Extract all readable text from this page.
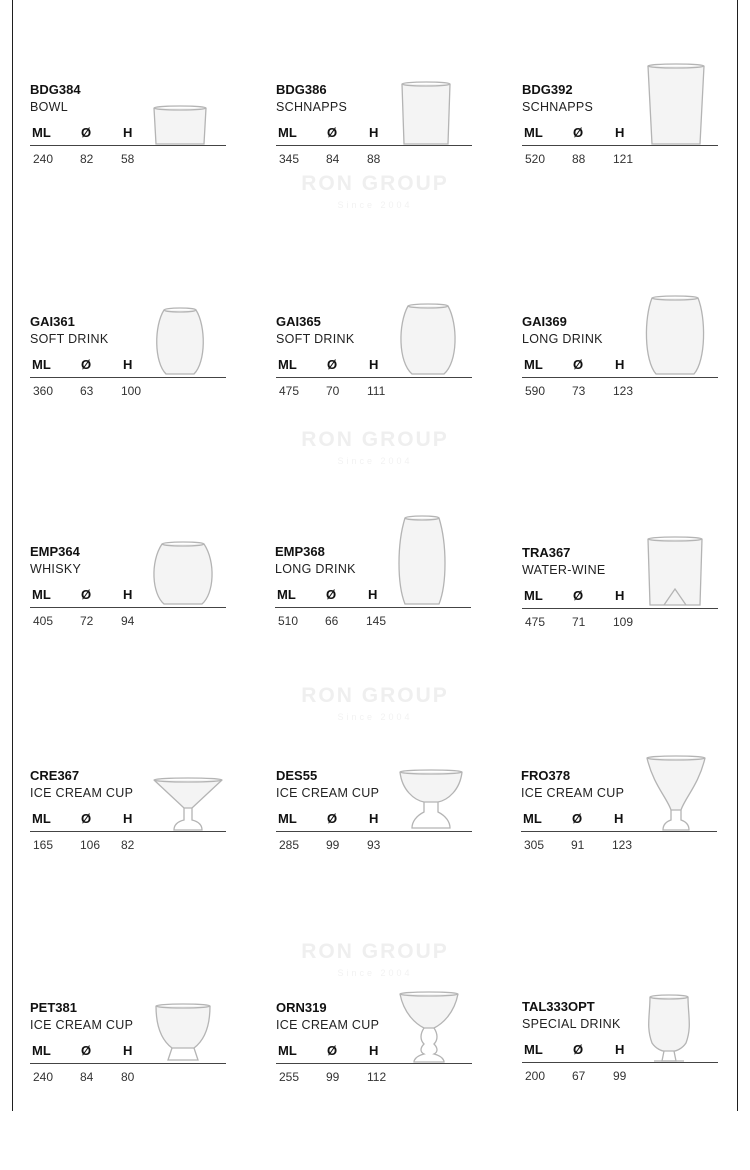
RON GROUP
Since 2004
RON GROUP
Since 2004
RON GROUP
Since 2004
RON GROUP
Since 2004
BDG384
BOWL
ML Ø H
240 82 58
BDG386
SCHNAPPS
ML Ø H
345 84 88
BDG392
SCHNAPPS
ML Ø H
520 88 121
GAI361
SOFT DRINK
ML Ø H
360 63 100
GAI365
SOFT DRINK
ML Ø H
475 70 111
GAI369
LONG DRINK
ML Ø H
590 73 123
EMP364
WHISKY
ML Ø H
405 72 94
EMP368
LONG DRINK
ML Ø H
510 66 145
TRA367
WATER-WINE
ML Ø H
475 71 109
CRE367
ICE CREAM CUP
ML Ø H
165 106 82
DES55
ICE CREAM CUP
ML Ø H
285 99 93
FRO378
ICE CREAM CUP
ML Ø H
305 91 123
PET381
ICE CREAM CUP
ML Ø H
240 84 80
ORN319
ICE CREAM CUP
ML Ø H
255 99 112
TAL333OPT
SPECIAL DRINK
ML Ø H
200 67 99
